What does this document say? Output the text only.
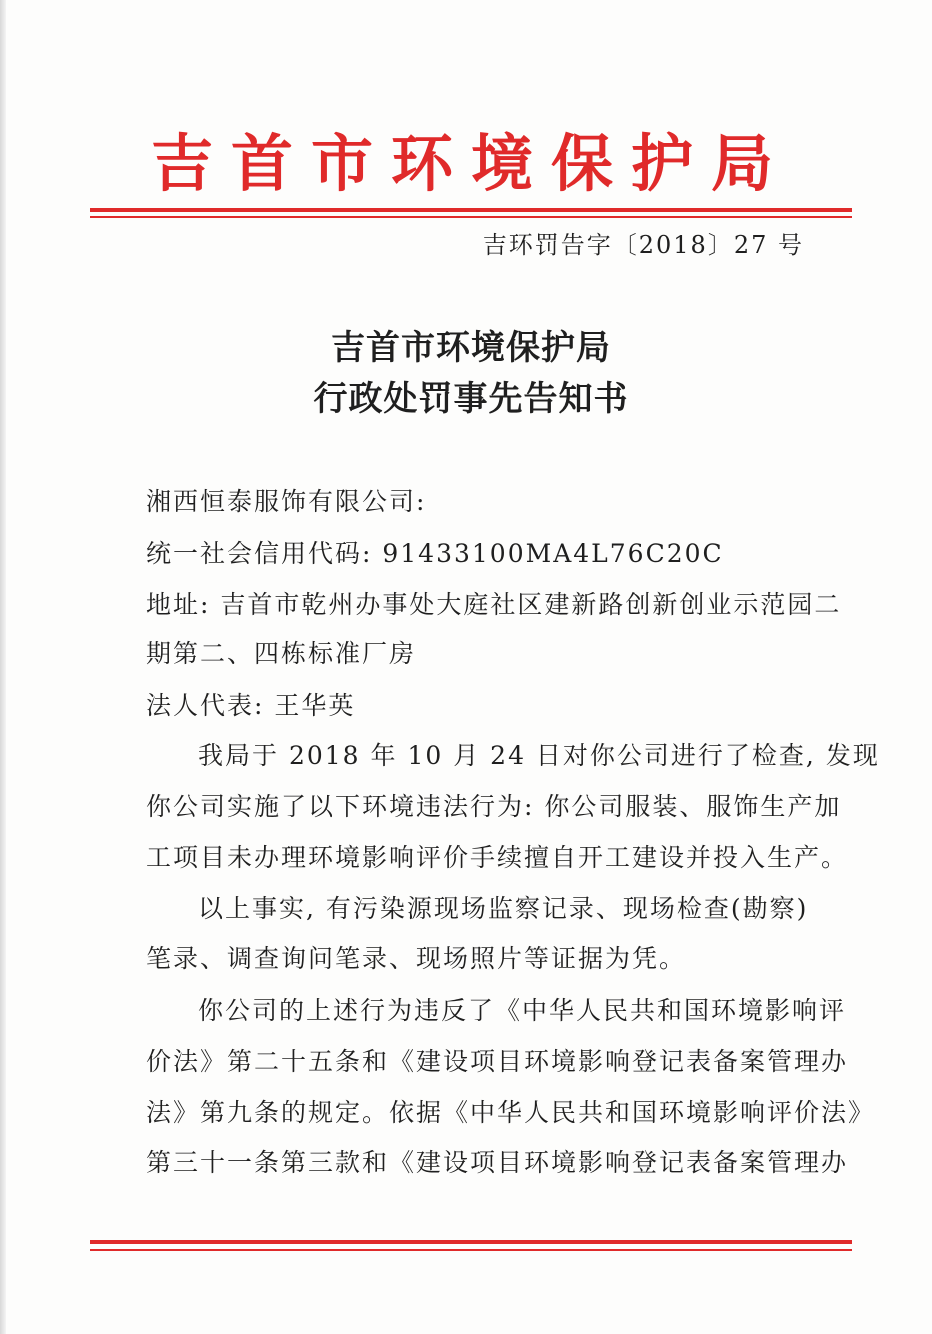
吉首市环境保护局
吉环罚告字〔2018〕27 号
吉首市环境保护局
行政处罚事先告知书
湘西恒泰服饰有限公司:
统一社会信用代码: 91433100MA4L76C20C
地址: 吉首市乾州办事处大庭社区建新路创新创业示范园二
期第二、四栋标准厂房
法人代表: 王华英
我局于 2018 年 10 月 24 日对你公司进行了检查, 发现
你公司实施了以下环境违法行为: 你公司服装、服饰生产加
工项目未办理环境影响评价手续擅自开工建设并投入生产。
以上事实, 有污染源现场监察记录、现场检查(勘察)
笔录、调查询问笔录、现场照片等证据为凭。
你公司的上述行为违反了《中华人民共和国环境影响评
价法》第二十五条和《建设项目环境影响登记表备案管理办
法》第九条的规定。依据《中华人民共和国环境影响评价法》
第三十一条第三款和《建设项目环境影响登记表备案管理办
